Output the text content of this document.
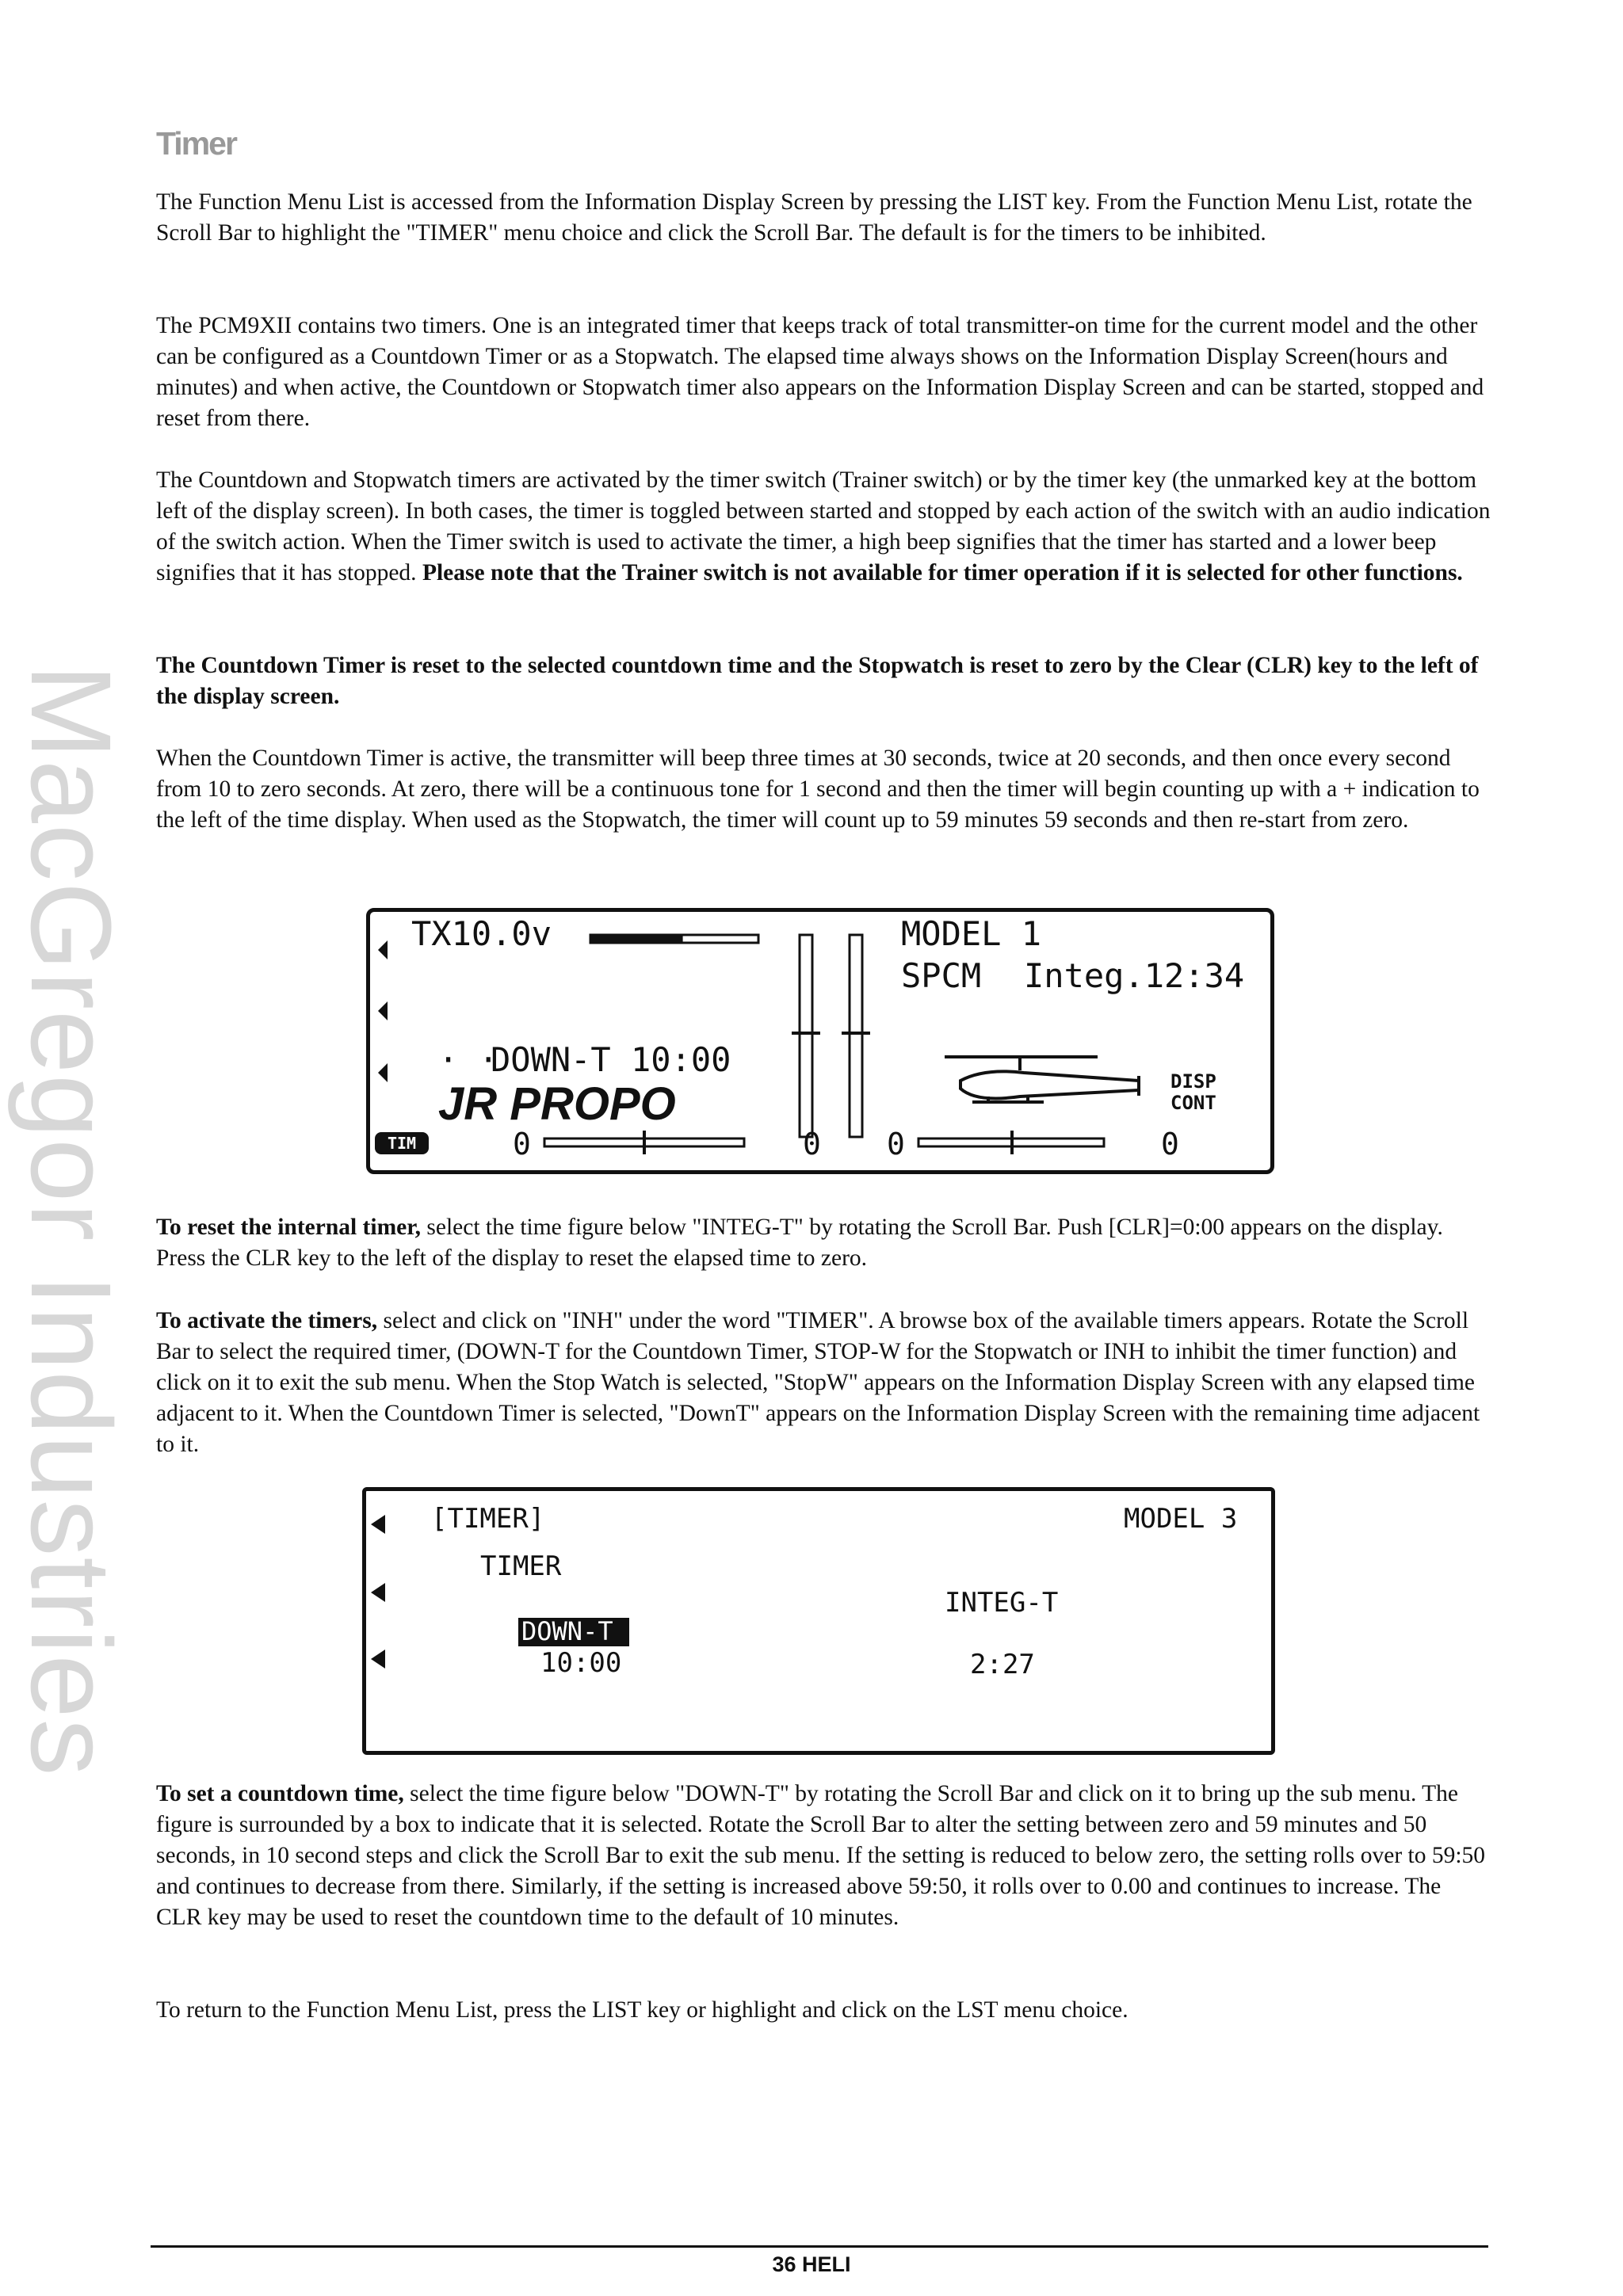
MacGregor Industries
Timer

The Function Menu List is accessed from the Information Display Screen by pressing the LIST key. From the Function Menu List, rotate the Scroll Bar to highlight the "TIMER" menu choice and click the Scroll Bar. The default is for the timers to be inhibited.

The PCM9XII contains two timers. One is an integrated timer that keeps track of total transmitter-on time for the current model and the other can be configured as a Countdown Timer or as a Stopwatch. The elapsed time always shows on the Information Display Screen(hours and minutes) and when active, the Countdown or Stopwatch timer also appears on the Information Display Screen and can be started, stopped and reset from there.

The Countdown and Stopwatch timers are activated by the timer switch (Trainer switch) or by the timer key (the unmarked key at the bottom left of the display screen). In both cases, the timer is toggled between started and stopped by each action of the switch with an audio indication of the switch action. When the Timer switch is used to activate the timer, a high beep signifies that the timer has started and a lower beep signifies that it has stopped. Please note that the Trainer switch is not available for timer operation if it is selected for other functions.

The Countdown Timer is reset to the selected countdown time and the Stopwatch is reset to zero by the Clear (CLR) key to the left of the display screen.

When the Countdown Timer is active, the transmitter will beep three times at 30 seconds, twice at 20 seconds, and then once every second from 10 to zero seconds. At zero, there will be a continuous tone for 1 second and then the timer will begin counting up with a + indication to the left of the time display. When used as the Stopwatch, the timer will count up to 59 minutes 59 seconds and then re-start from zero.

TX10.0v	MODEL 1
SPCM Integ.12:34
· ·
DOWN-T 10:00
JR PROPO
TIM	0	0 0	0
DISP
CONT

To reset the internal timer, select the time figure below "INTEG-T" by rotating the Scroll Bar. Push [CLR]=0:00 appears on the display. Press the CLR key to the left of the display to reset the elapsed time to zero.

To activate the timers, select and click on "INH" under the word "TIMER". A browse box of the available timers appears. Rotate the Scroll Bar to select the required timer, (DOWN-T for the Countdown Timer, STOP-W for the Stopwatch or INH to inhibit the timer function) and click on it to exit the sub menu. When the Stop Watch is selected, "StopW" appears on the Information Display Screen with any elapsed time adjacent to it. When the Countdown Timer is selected, "DownT" appears on the Information Display Screen with the remaining time adjacent to it.

[TIMER]	MODEL 3
TIMER
INTEG-T
DOWN-T
10:00	2:27

To set a countdown time, select the time figure below "DOWN-T" by rotating the Scroll Bar and click on it to bring up the sub menu. The figure is surrounded by a box to indicate that it is selected. Rotate the Scroll Bar to alter the setting between zero and 59 minutes and 50 seconds, in 10 second steps and click the Scroll Bar to exit the sub menu. If the setting is reduced to below zero, the setting rolls over to 59:50 and continues to decrease from there. Similarly, if the setting is increased above 59:50, it rolls over to 0.00 and continues to increase. The CLR key may be used to reset the countdown time to the default of 10 minutes.

To return to the Function Menu List, press the LIST key or highlight and click on the LST menu choice.

36 HELI
